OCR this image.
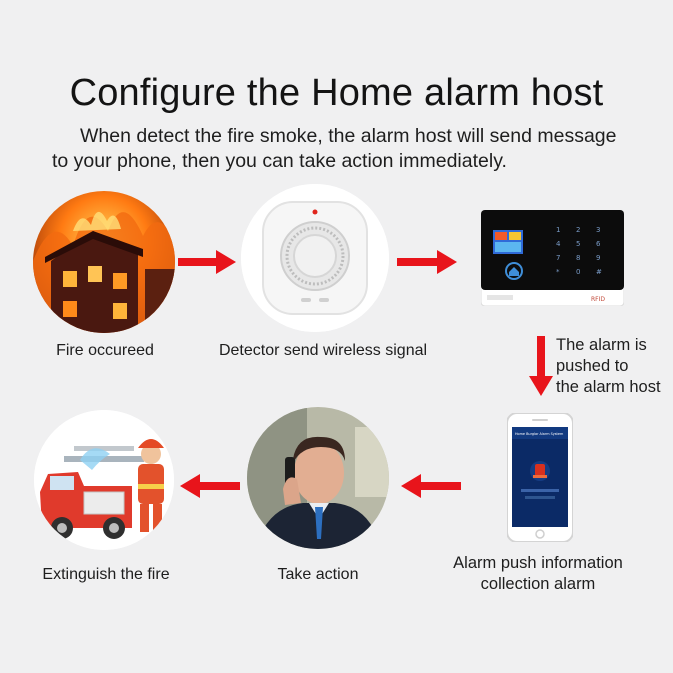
Configure the Home alarm host
When detect the fire smoke, the alarm host will send message
to your phone, then you can take action immediately.
Fire occureed	Detector send wireless signal
1 2 3
4 5 6
7 8 9
* 0 #
RFID
The alarm is
pushed to
the alarm host
Home Burglar Alarm System
Alarm push information
collection alarm
Take action
Extinguish the fire
